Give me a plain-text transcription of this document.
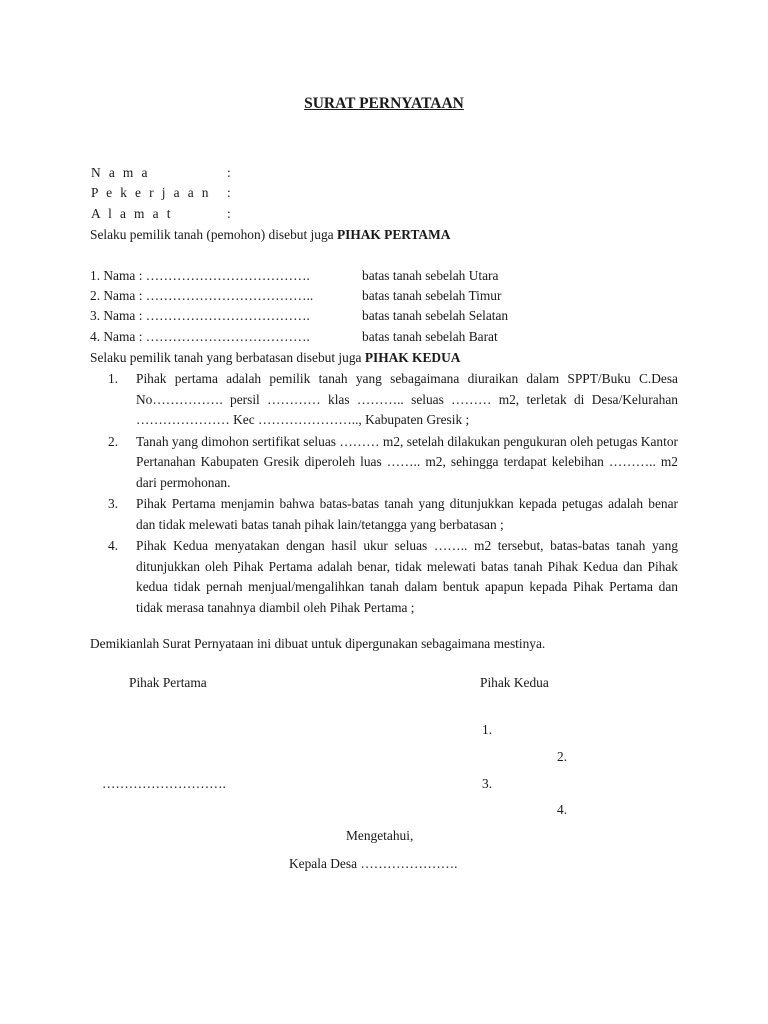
SURAT PERNYATAAN
N a m a	:
P e k e r j a a n :
A l a m a t	:
Selaku pemilik tanah (pemohon) disebut juga PIHAK PERTAMA
1. Nama : ……………………………….	batas tanah sebelah Utara
2. Nama : ………………………………..	batas tanah sebelah Timur
3. Nama : ……………………………….	batas tanah sebelah Selatan
4. Nama : ……………………………….	batas tanah sebelah Barat
Selaku pemilik tanah yang berbatasan disebut juga PIHAK KEDUA
1. Pihak pertama adalah pemilik tanah yang sebagaimana diuraikan dalam SPPT/Buku C.Desa No……………. persil ………… klas ……….. seluas ……… m2, terletak di Desa/Kelurahan ………………… Kec ………………….., Kabupaten Gresik ;
2. Tanah yang dimohon sertifikat seluas ……… m2, setelah dilakukan pengukuran oleh petugas Kantor Pertanahan Kabupaten Gresik diperoleh luas …….. m2, sehingga terdapat kelebihan ……….. m2 dari permohonan.
3. Pihak Pertama menjamin bahwa batas-batas tanah yang ditunjukkan kepada petugas adalah benar dan tidak melewati batas tanah pihak lain/tetangga yang berbatasan ;
4. Pihak Kedua menyatakan dengan hasil ukur seluas …….. m2 tersebut, batas-batas tanah yang ditunjukkan oleh Pihak Pertama adalah benar, tidak melewati batas tanah Pihak Kedua dan Pihak kedua tidak pernah menjual/mengalihkan tanah dalam bentuk apapun kepada Pihak Pertama dan tidak merasa tanahnya diambil oleh Pihak Pertama ;
Demikianlah Surat Pernyataan ini dibuat untuk dipergunakan sebagaimana mestinya.
Pihak Pertama	Pihak Kedua
1.
2.
……………………….	3.
4.
Mengetahui,
Kepala Desa ………………….
